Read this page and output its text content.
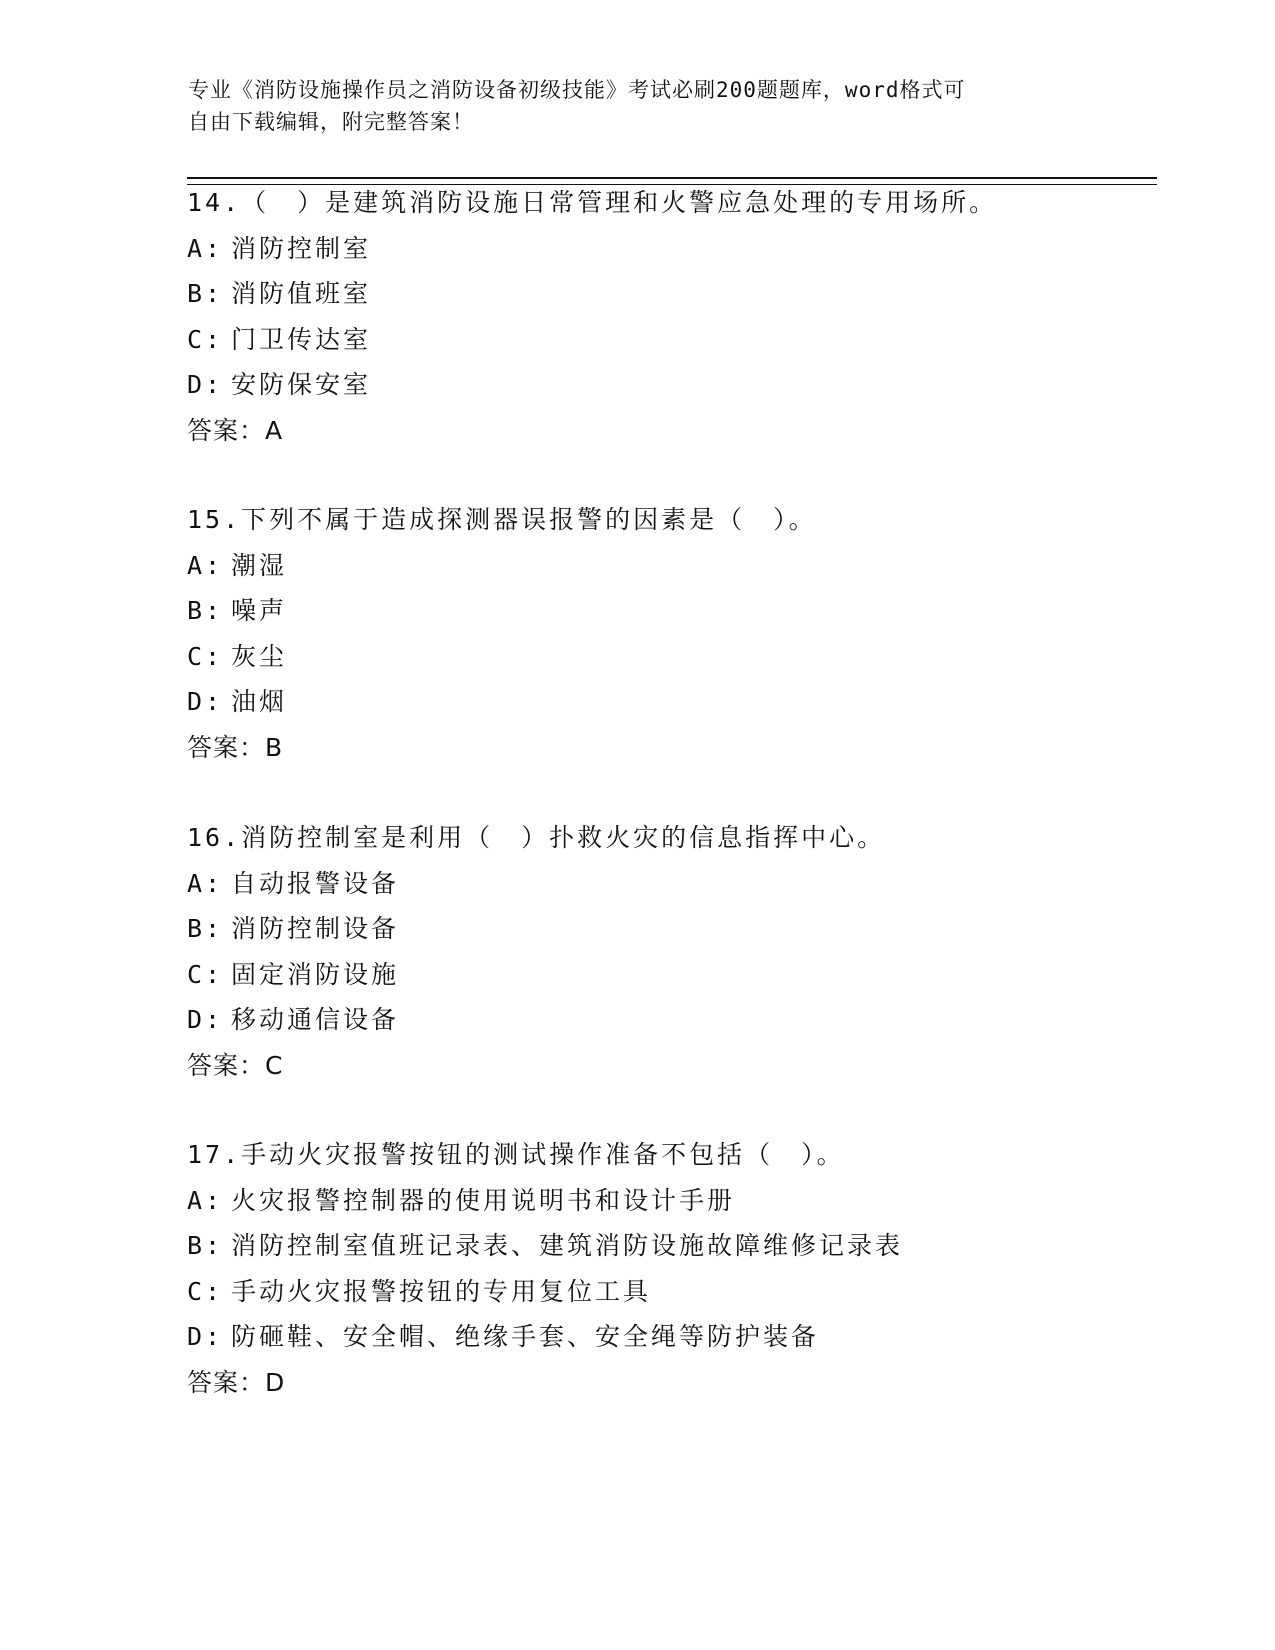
专业《消防设施操作员之消防设备初级技能》考试必刷200题题库，word格式可
自由下载编辑，附完整答案！
14.（　）是建筑消防设施日常管理和火警应急处理的专用场所。
A: 消防控制室
B: 消防值班室
C: 门卫传达室
D: 安防保安室
答案：A
15.下列不属于造成探测器误报警的因素是（　）。
A: 潮湿
B: 噪声
C: 灰尘
D: 油烟
答案：B
16.消防控制室是利用（　）扑救火灾的信息指挥中心。
A: 自动报警设备
B: 消防控制设备
C: 固定消防设施
D: 移动通信设备
答案：C
17.手动火灾报警按钮的测试操作准备不包括（　）。
A: 火灾报警控制器的使用说明书和设计手册
B: 消防控制室值班记录表、建筑消防设施故障维修记录表
C: 手动火灾报警按钮的专用复位工具
D: 防砸鞋、安全帽、绝缘手套、安全绳等防护装备
答案：D
